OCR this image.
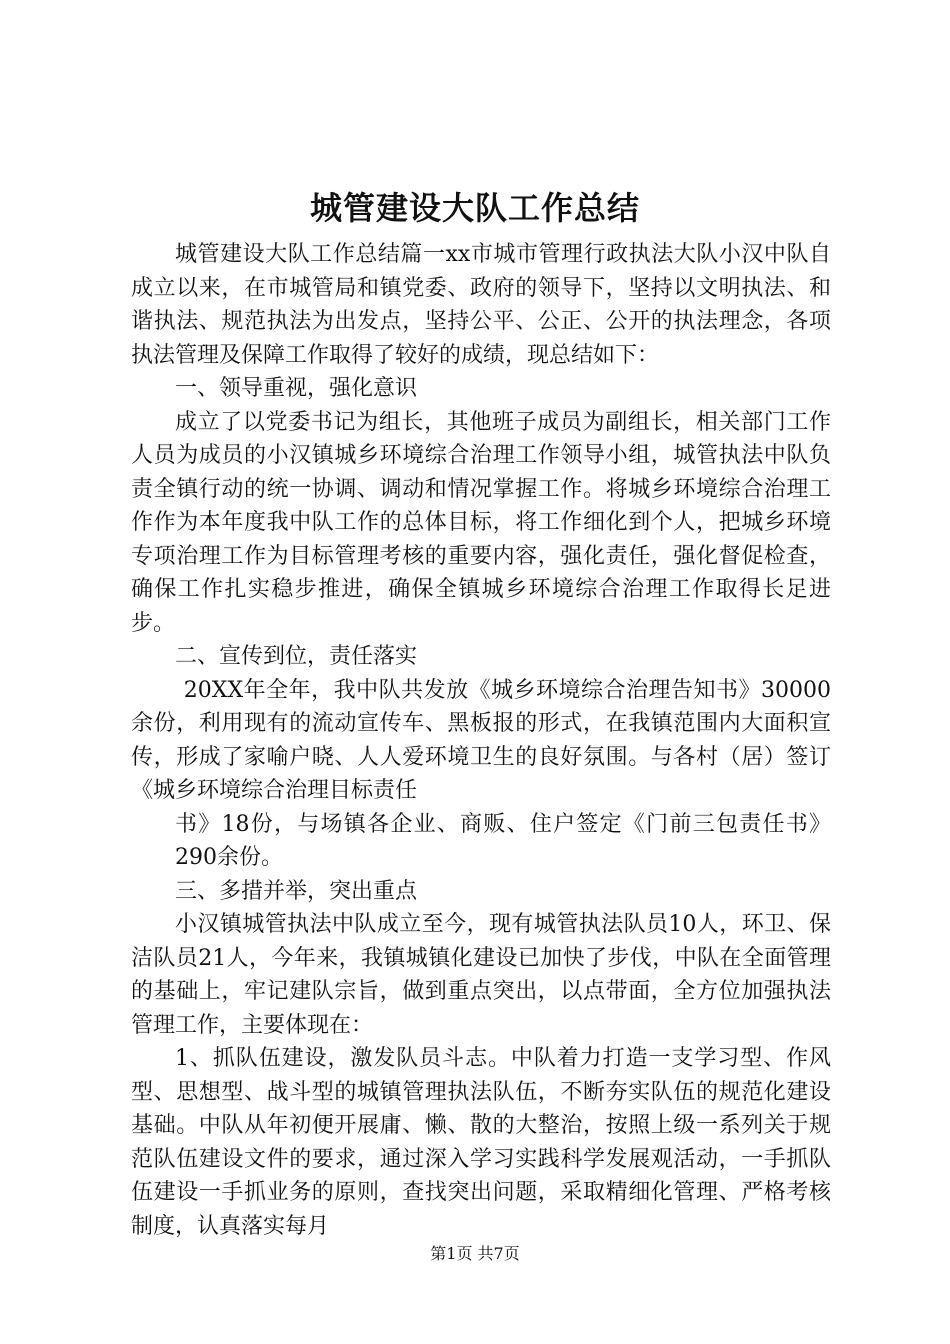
城管建设大队工作总结

城管建设大队工作总结篇一xx市城市管理行政执法大队小汉中队自成立以来，在市城管局和镇党委、政府的领导下，坚持以文明执法、和谐执法、规范执法为出发点，坚持公平、公正、公开的执法理念，各项执法管理及保障工作取得了较好的成绩，现总结如下：

一、领导重视，强化意识

成立了以党委书记为组长，其他班子成员为副组长，相关部门工作人员为成员的小汉镇城乡环境综合治理工作领导小组，城管执法中队负责全镇行动的统一协调、调动和情况掌握工作。将城乡环境综合治理工作作为本年度我中队工作的总体目标，将工作细化到个人，把城乡环境专项治理工作为目标管理考核的重要内容，强化责任，强化督促检查，确保工作扎实稳步推进，确保全镇城乡环境综合治理工作取得长足进步。

二、宣传到位，责任落实

20XX年全年，我中队共发放《城乡环境综合治理告知书》30000余份，利用现有的流动宣传车、黑板报的形式，在我镇范围内大面积宣传，形成了家喻户晓、人人爱环境卫生的良好氛围。与各村（居）签订《城乡环境综合治理目标责任

书》18份，与场镇各企业、商贩、住户签定《门前三包责任书》290余份。

三、多措并举，突出重点

小汉镇城管执法中队成立至今，现有城管执法队员10人，环卫、保洁队员21人，今年来，我镇城镇化建设已加快了步伐，中队在全面管理的基础上，牢记建队宗旨，做到重点突出，以点带面，全方位加强执法管理工作，主要体现在：

1、抓队伍建设，激发队员斗志。中队着力打造一支学习型、作风型、思想型、战斗型的城镇管理执法队伍，不断夯实队伍的规范化建设基础。中队从年初便开展庸、懒、散的大整治，按照上级一系列关于规范队伍建设文件的要求，通过深入学习实践科学发展观活动，一手抓队伍建设一手抓业务的原则，查找突出问题，采取精细化管理、严格考核制度，认真落实每月

第1页 共7页
